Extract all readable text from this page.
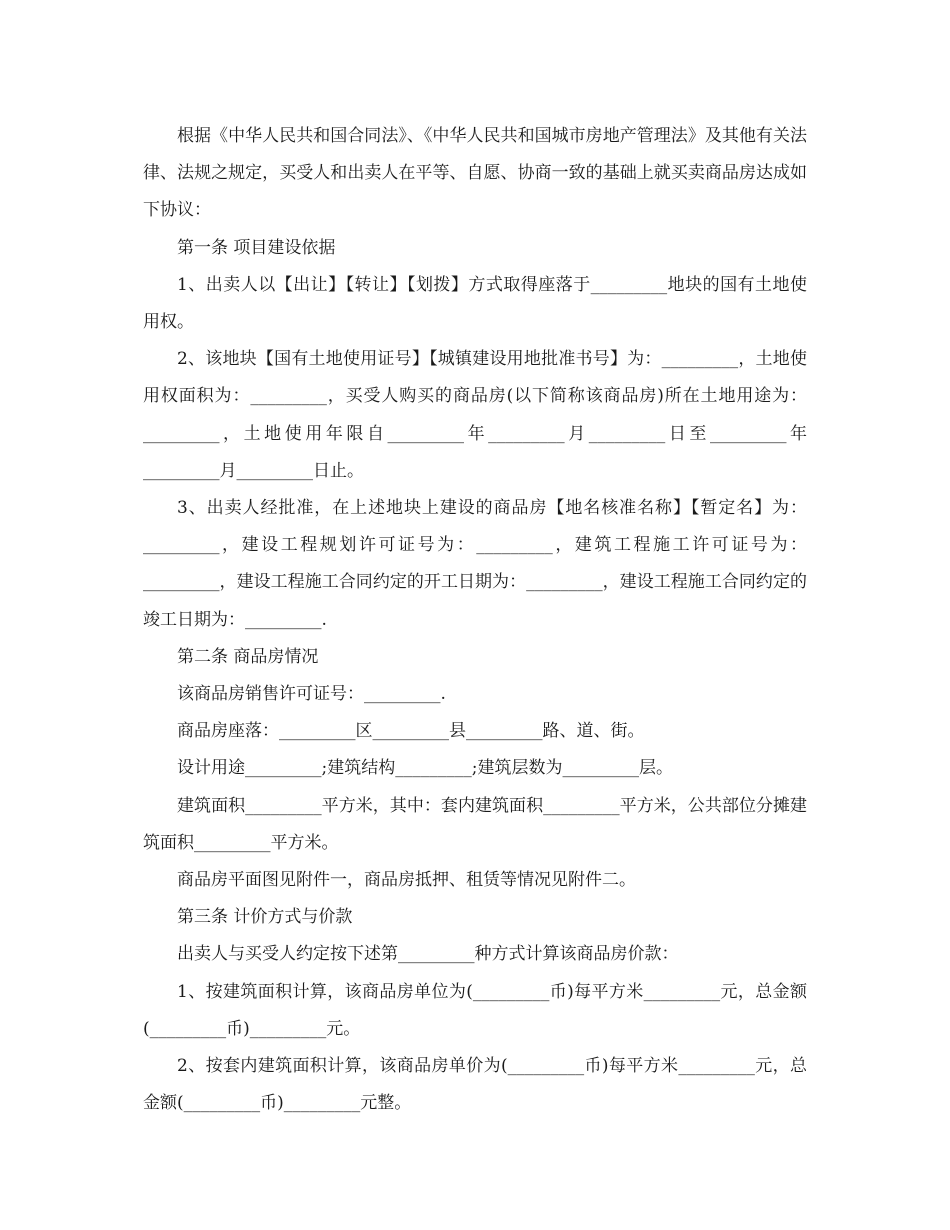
根据《中华人民共和国合同法》、《中华人民共和国城市房地产管理法》及其他有关法律、法规之规定，买受人和出卖人在平等、自愿、协商一致的基础上就买卖商品房达成如下协议：

第一条 项目建设依据

1、出卖人以【出让】【转让】【划拨】方式取得座落于_________地块的国有土地使用权。

2、该地块【国有土地使用证号】【城镇建设用地批准书号】为：_________，土地使用权面积为：_________，买受人购买的商品房(以下简称该商品房)所在土地用途为：_________，土地使用年限自_________年_________月_________日至_________年_________月_________日止。

3、出卖人经批准，在上述地块上建设的商品房【地名核准名称】【暂定名】为：_________，建设工程规划许可证号为：_________，建筑工程施工许可证号为：_________，建设工程施工合同约定的开工日期为：_________，建设工程施工合同约定的竣工日期为：_________.

第二条 商品房情况

该商品房销售许可证号：_________.

商品房座落：_________区_________县_________路、道、街。

设计用途_________;建筑结构_________;建筑层数为_________层。

建筑面积_________平方米，其中：套内建筑面积_________平方米，公共部位分摊建筑面积_________平方米。

商品房平面图见附件一，商品房抵押、租赁等情况见附件二。

第三条 计价方式与价款

出卖人与买受人约定按下述第_________种方式计算该商品房价款：

1、按建筑面积计算，该商品房单位为(_________币)每平方米_________元，总金额(_________币)_________元。

2、按套内建筑面积计算，该商品房单价为(_________币)每平方米_________元，总金额(_________币)_________元整。
